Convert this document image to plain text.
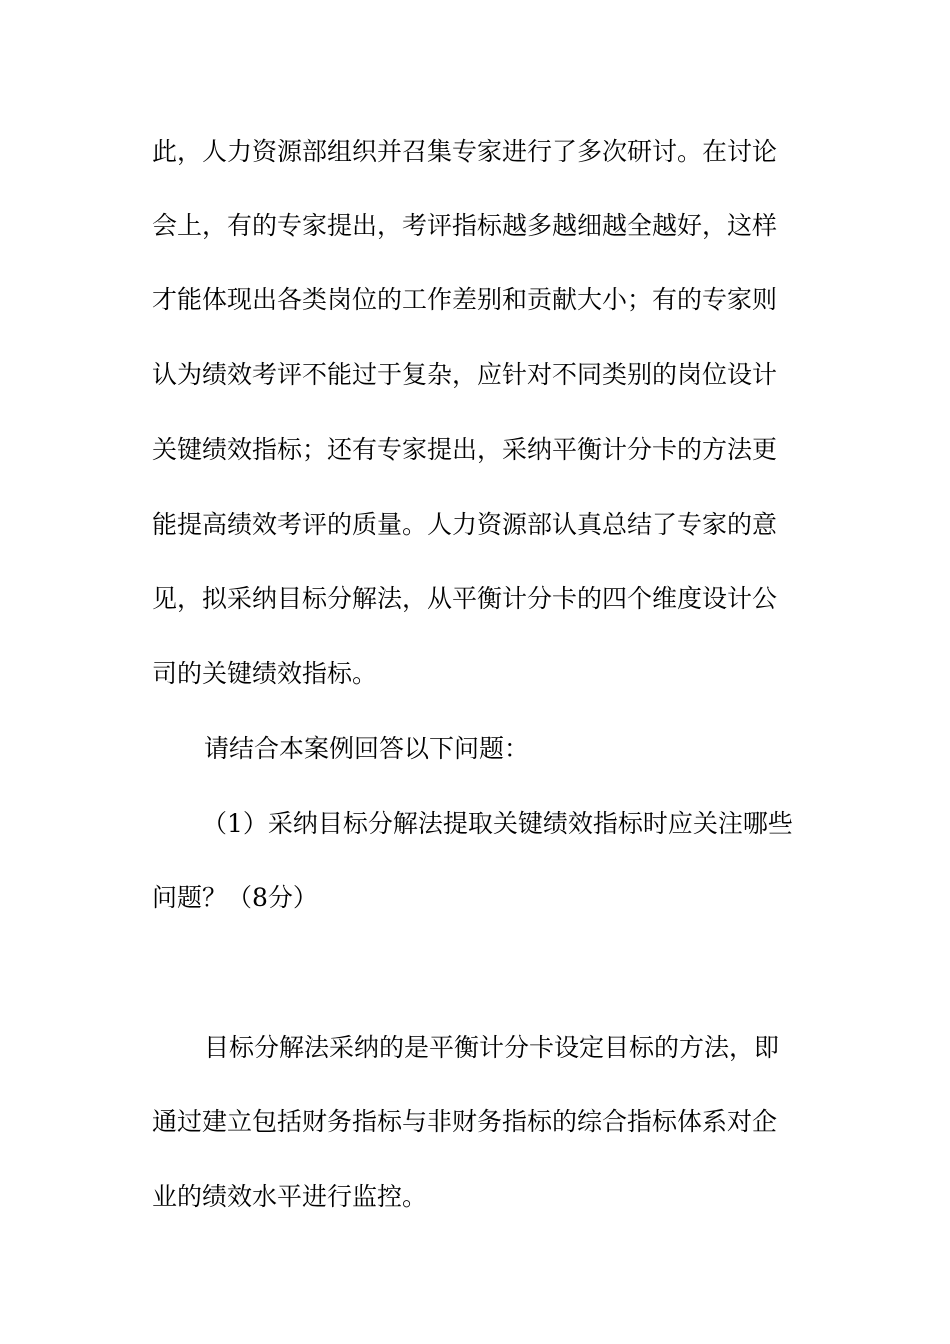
此，人力资源部组织并召集专家进行了多次研讨。在讨论
会上，有的专家提出，考评指标越多越细越全越好，这样
才能体现出各类岗位的工作差别和贡献大小；有的专家则
认为绩效考评不能过于复杂，应针对不同类别的岗位设计
关键绩效指标；还有专家提出，采纳平衡计分卡的方法更
能提高绩效考评的质量。人力资源部认真总结了专家的意
见，拟采纳目标分解法，从平衡计分卡的四个维度设计公
司的关键绩效指标。
请结合本案例回答以下问题：
（1）采纳目标分解法提取关键绩效指标时应关注哪些
问题？（8分）
目标分解法采纳的是平衡计分卡设定目标的方法，即
通过建立包括财务指标与非财务指标的综合指标体系对企
业的绩效水平进行监控。
